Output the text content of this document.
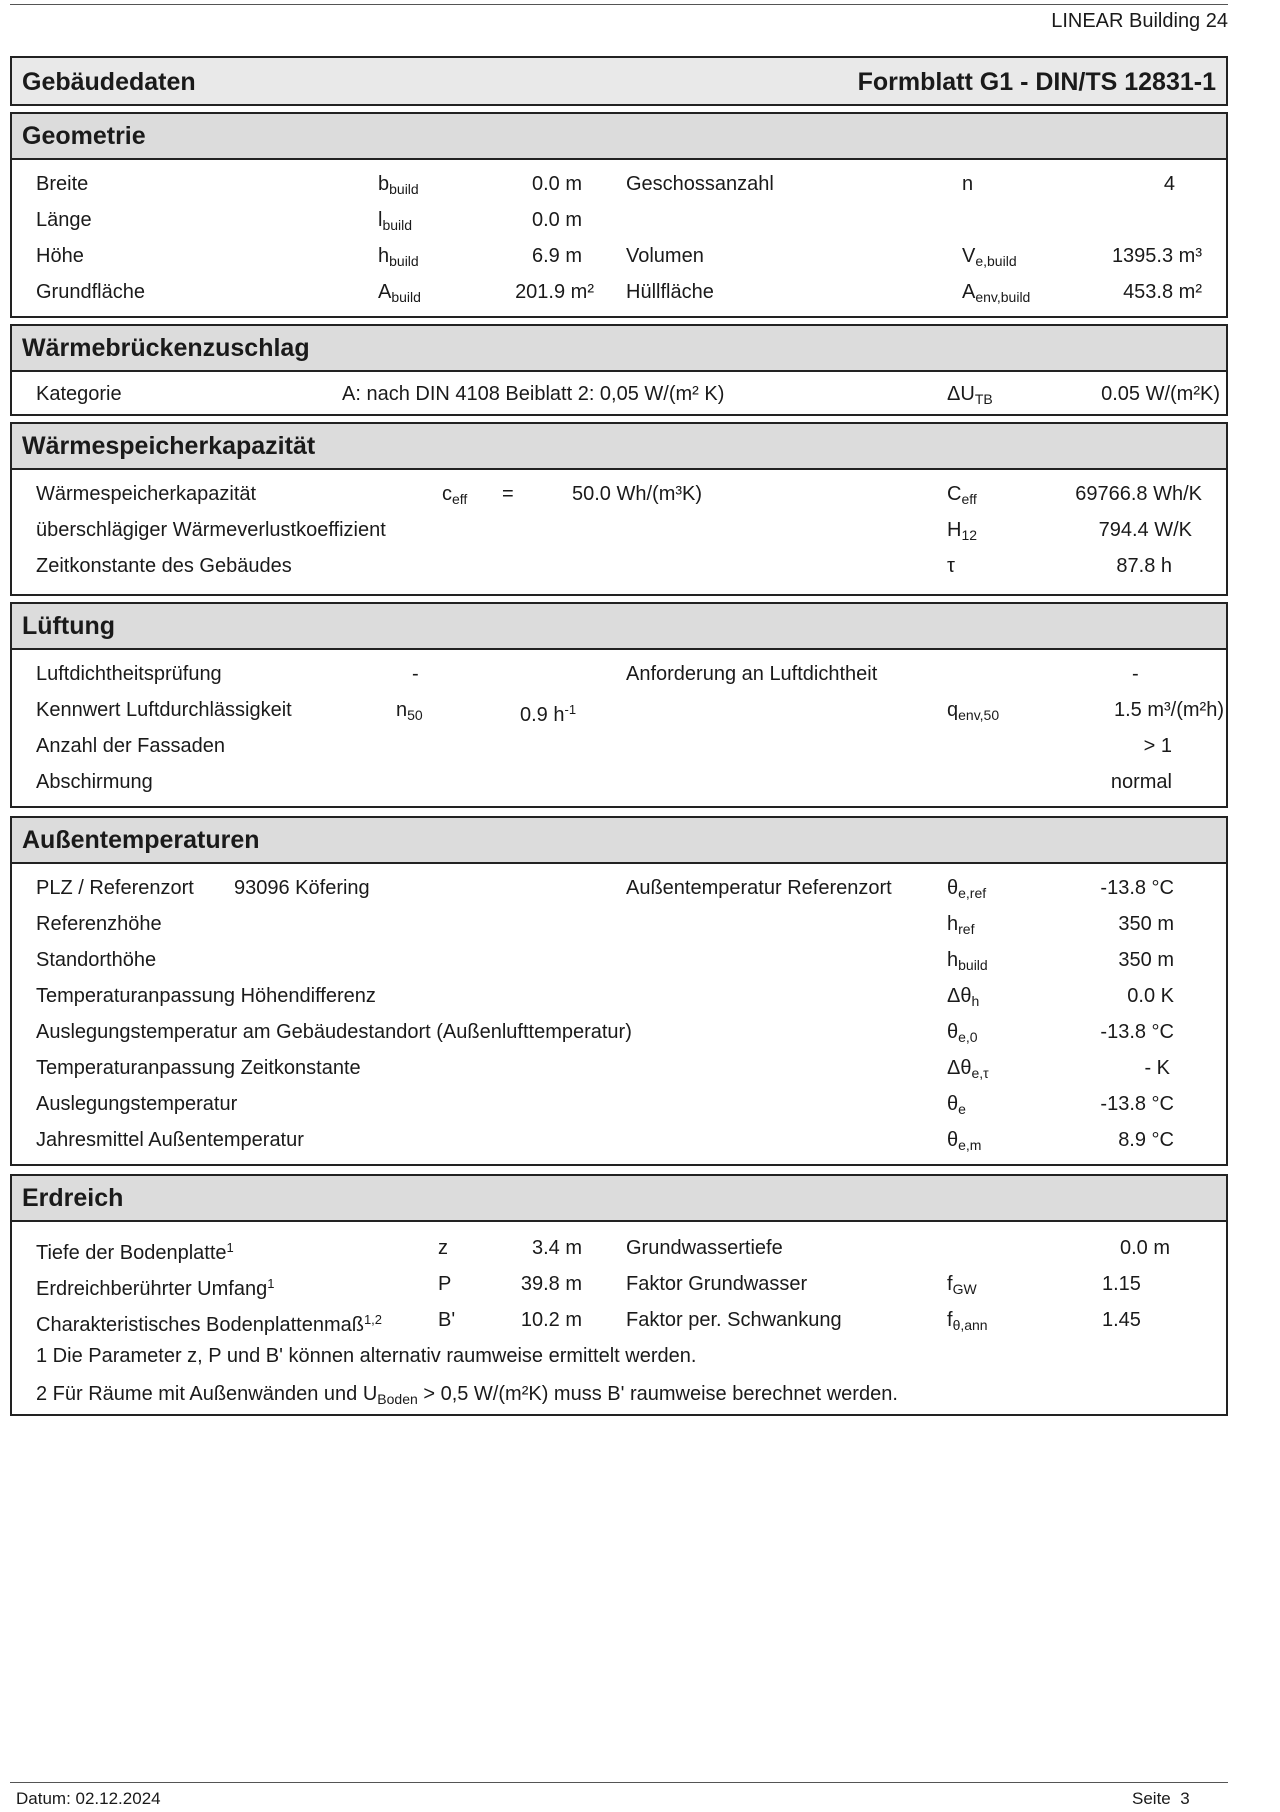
LINEAR Building 24
Gebäudedaten	Formblatt G1 - DIN/TS 12831-1
Geometrie
Breite	$b_{build}$	0.0 m Geschossanzahl	n	4
Länge	$l_{build}$	0.0 m
Höhe	$h_{build}$	6.9 m Volumen	$V_{e,build}$	1395.3 m³
Grundfläche	$A_{build}$	201.9 m² Hüllfläche	$A_{env,build}$	453.8 m²
Wärmebrückenzuschlag
Kategorie	A: nach DIN 4108 Beiblatt 2: 0,05 W/(m² K)	$\Delta U_{TB}$	0.05 W/(m²K)
Wärmespeicherkapazität
Wärmespeicherkapazität	$c_{eff}$ =	50.0 Wh/(m³K)	$C_{eff}$	69766.8 Wh/K
überschlägiger Wärmeverlustkoeffizient	$H_{12}$	794.4 W/K
Zeitkonstante des Gebäudes	τ	87.8 h
Lüftung
Luftdichtheitsprüfung	-	Anforderung an Luftdichtheit	-
Kennwert Luftdurchlässigkeit	$n_{50}$	0.9 $h^{-1}$	$q_{env,50}$	1.5 m³/(m²h)
Anzahl der Fassaden	> 1
Abschirmung	normal
Außentemperaturen
PLZ / Referenzort 93096 Köfering	Außentemperatur Referenzort	$\theta_{e,ref}$	-13.8 °C
Referenzhöhe	$h_{ref}$	350 m
Standorthöhe	$h_{build}$	350 m
Temperaturanpassung Höhendifferenz	$\Delta\theta_h$	0.0 K
Auslegungstemperatur am Gebäudestandort (Außenlufttemperatur)	$\theta_{e,0}$	-13.8 °C
Temperaturanpassung Zeitkonstante	$\Delta\theta_{e,\tau}$	- K
Auslegungstemperatur	$\theta_e$	-13.8 °C
Jahresmittel Außentemperatur	$\theta_{e,m}$	8.9 °C
Erdreich
Tiefe der Bodenplatte$^1$	z	3.4 m Grundwassertiefe	0.0 m
Erdreichberührter Umfang$^1$	P	39.8 m Faktor Grundwasser	$f_{GW}$	1.15
Charakteristisches Bodenplattenmaß$^{1,2}$	B'	10.2 m Faktor per. Schwankung	$f_{\theta,ann}$	1.45
1 Die Parameter z, P und B' können alternativ raumweise ermittelt werden.
2 Für Räume mit Außenwänden und $U_{Boden} > 0,5$ W/(m²K) muss B' raumweise berechnet werden.
Datum: 02.12.2024	Seite  3
